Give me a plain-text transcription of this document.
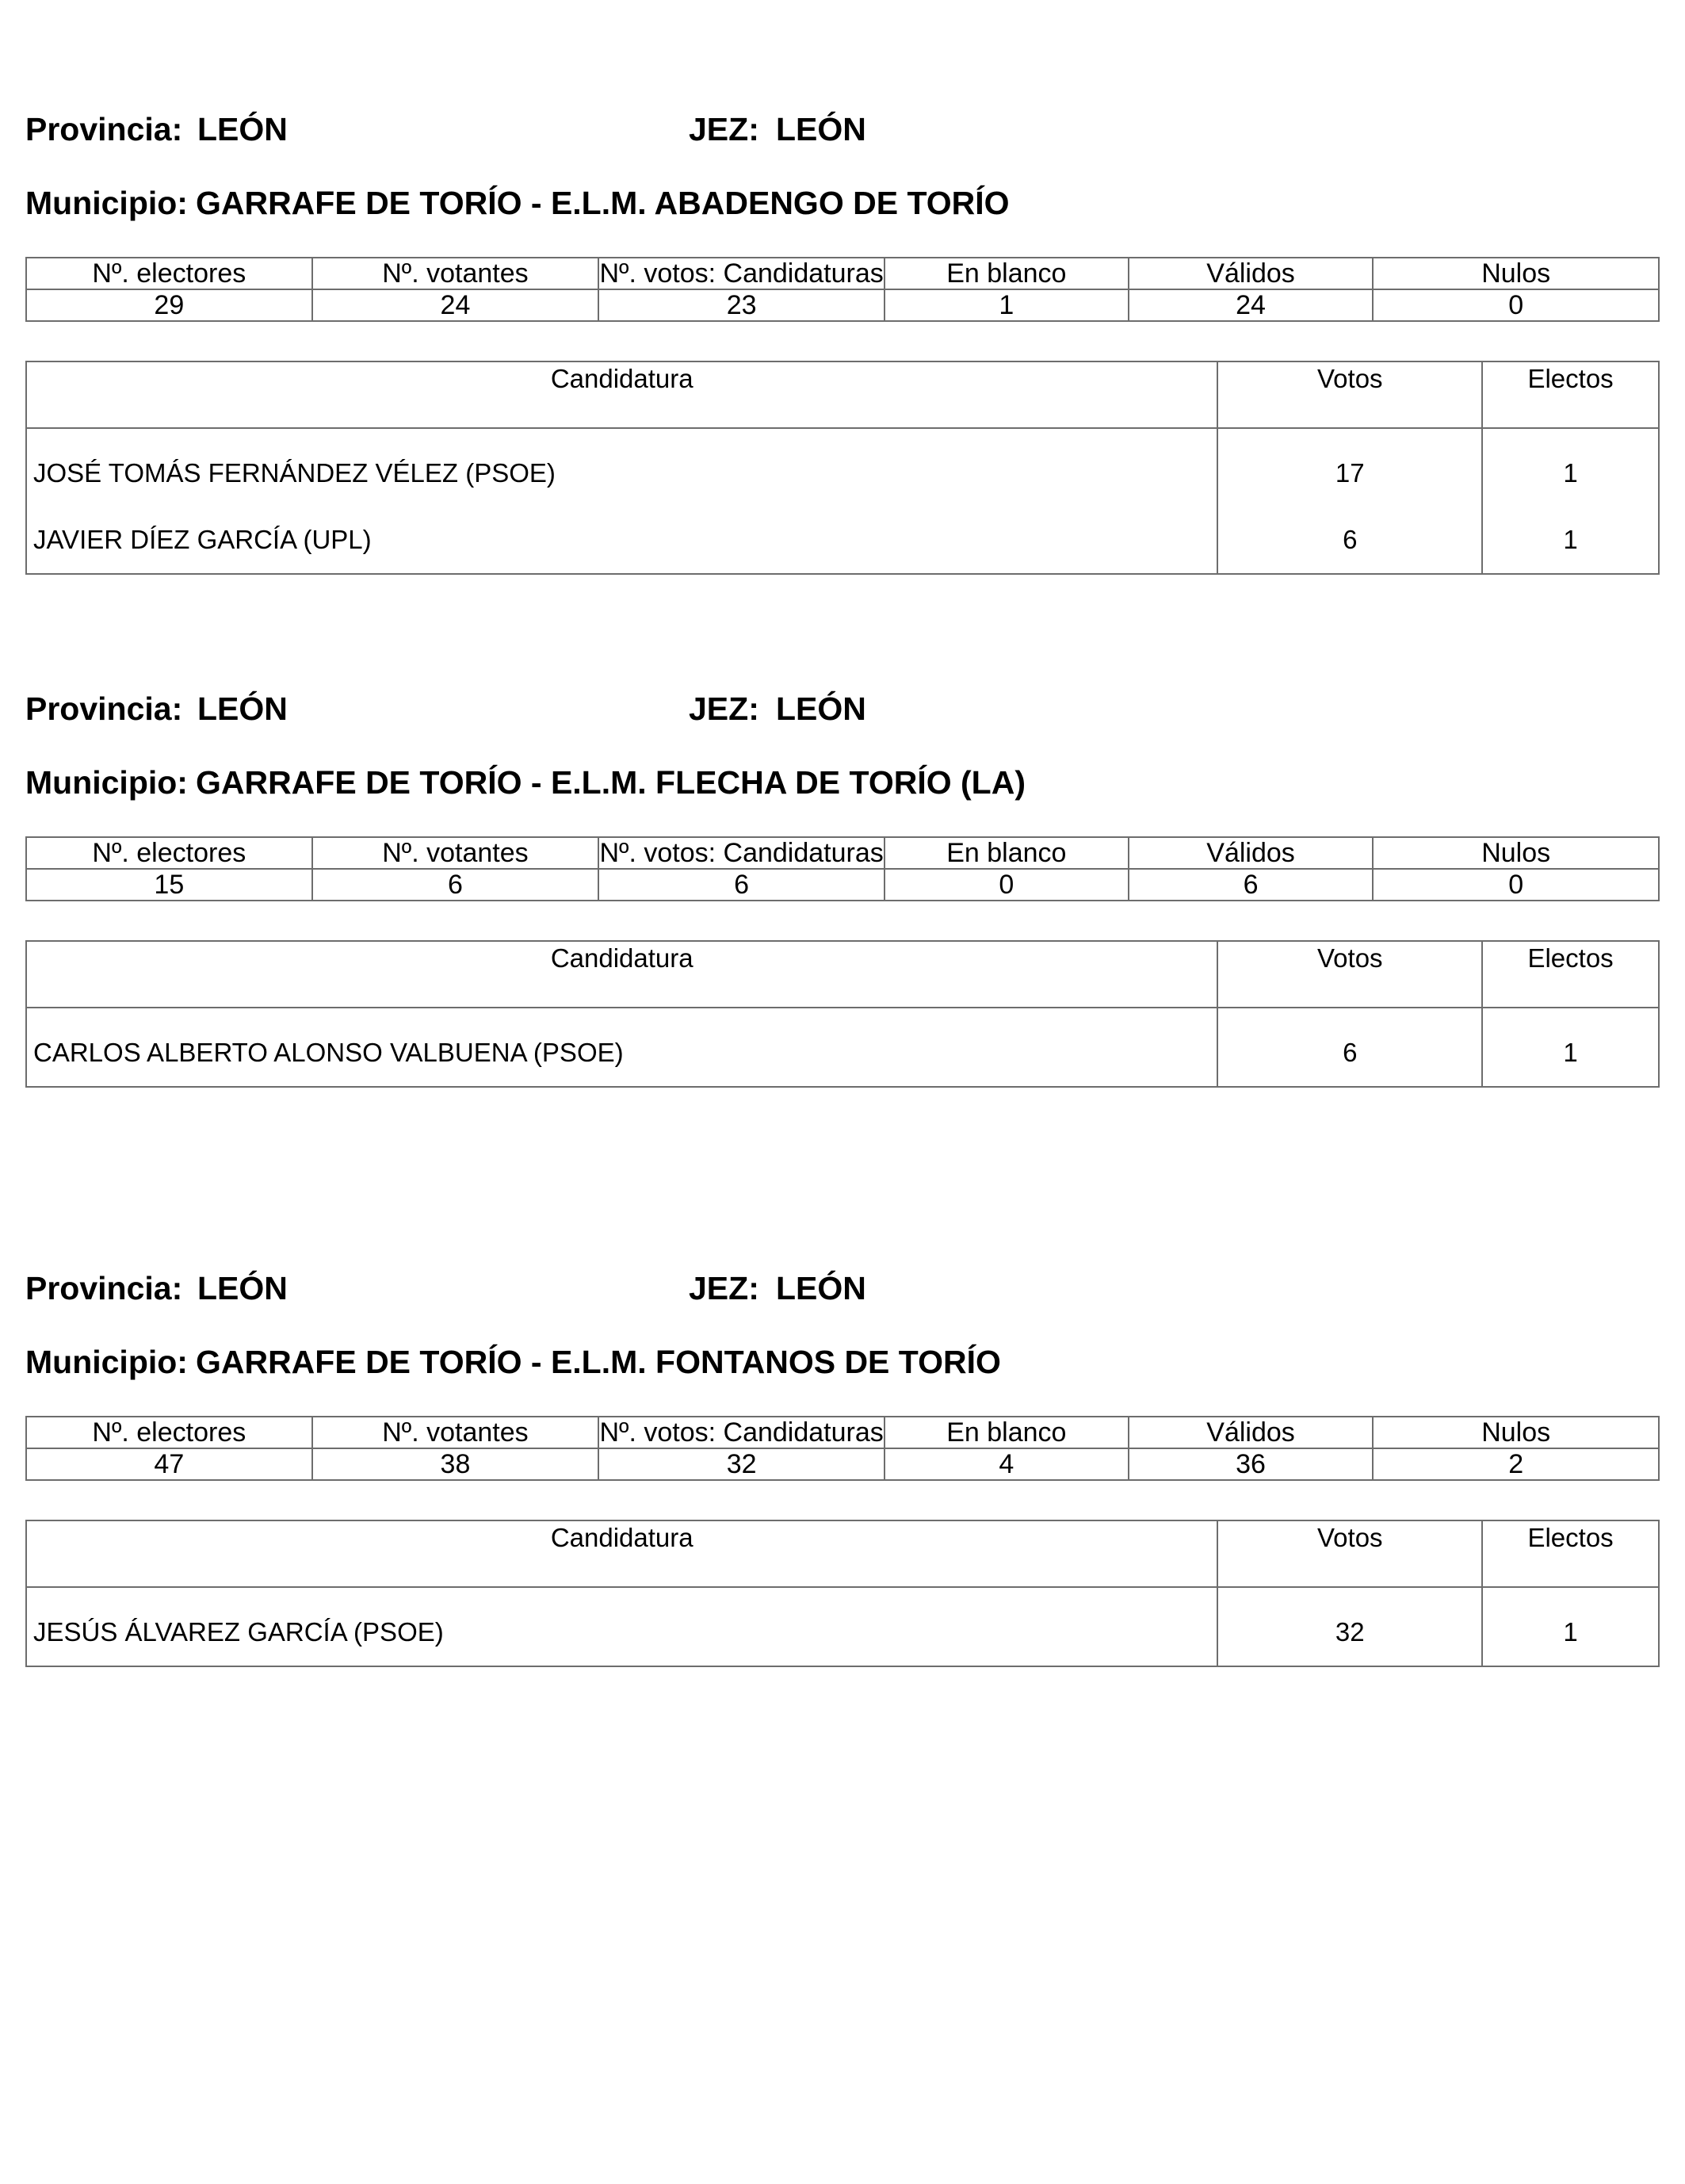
Provincia: LEÓN	JEZ: LEÓN
Municipio: GARRAFE DE TORÍO - E.L.M. ABADENGO DE TORÍO
Nº. electores	Nº. votantes	Nº. votos: Candidaturas	En blanco	Válidos	Nulos
29	24	23	1	24	0
Candidatura	Votos	Electos
JOSÉ TOMÁS FERNÁNDEZ VÉLEZ (PSOE)	17	1
JAVIER DÍEZ GARCÍA (UPL)	6	1
Provincia: LEÓN	JEZ: LEÓN
Municipio: GARRAFE DE TORÍO - E.L.M. FLECHA DE TORÍO (LA)
Nº. electores	Nº. votantes	Nº. votos: Candidaturas	En blanco	Válidos	Nulos
15	6	6	0	6	0
Candidatura	Votos	Electos
CARLOS ALBERTO ALONSO VALBUENA (PSOE)	6	1
Provincia: LEÓN	JEZ: LEÓN
Municipio: GARRAFE DE TORÍO - E.L.M. FONTANOS DE TORÍO
Nº. electores	Nº. votantes	Nº. votos: Candidaturas	En blanco	Válidos	Nulos
47	38	32	4	36	2
Candidatura	Votos	Electos
JESÚS ÁLVAREZ GARCÍA (PSOE)	32	1
